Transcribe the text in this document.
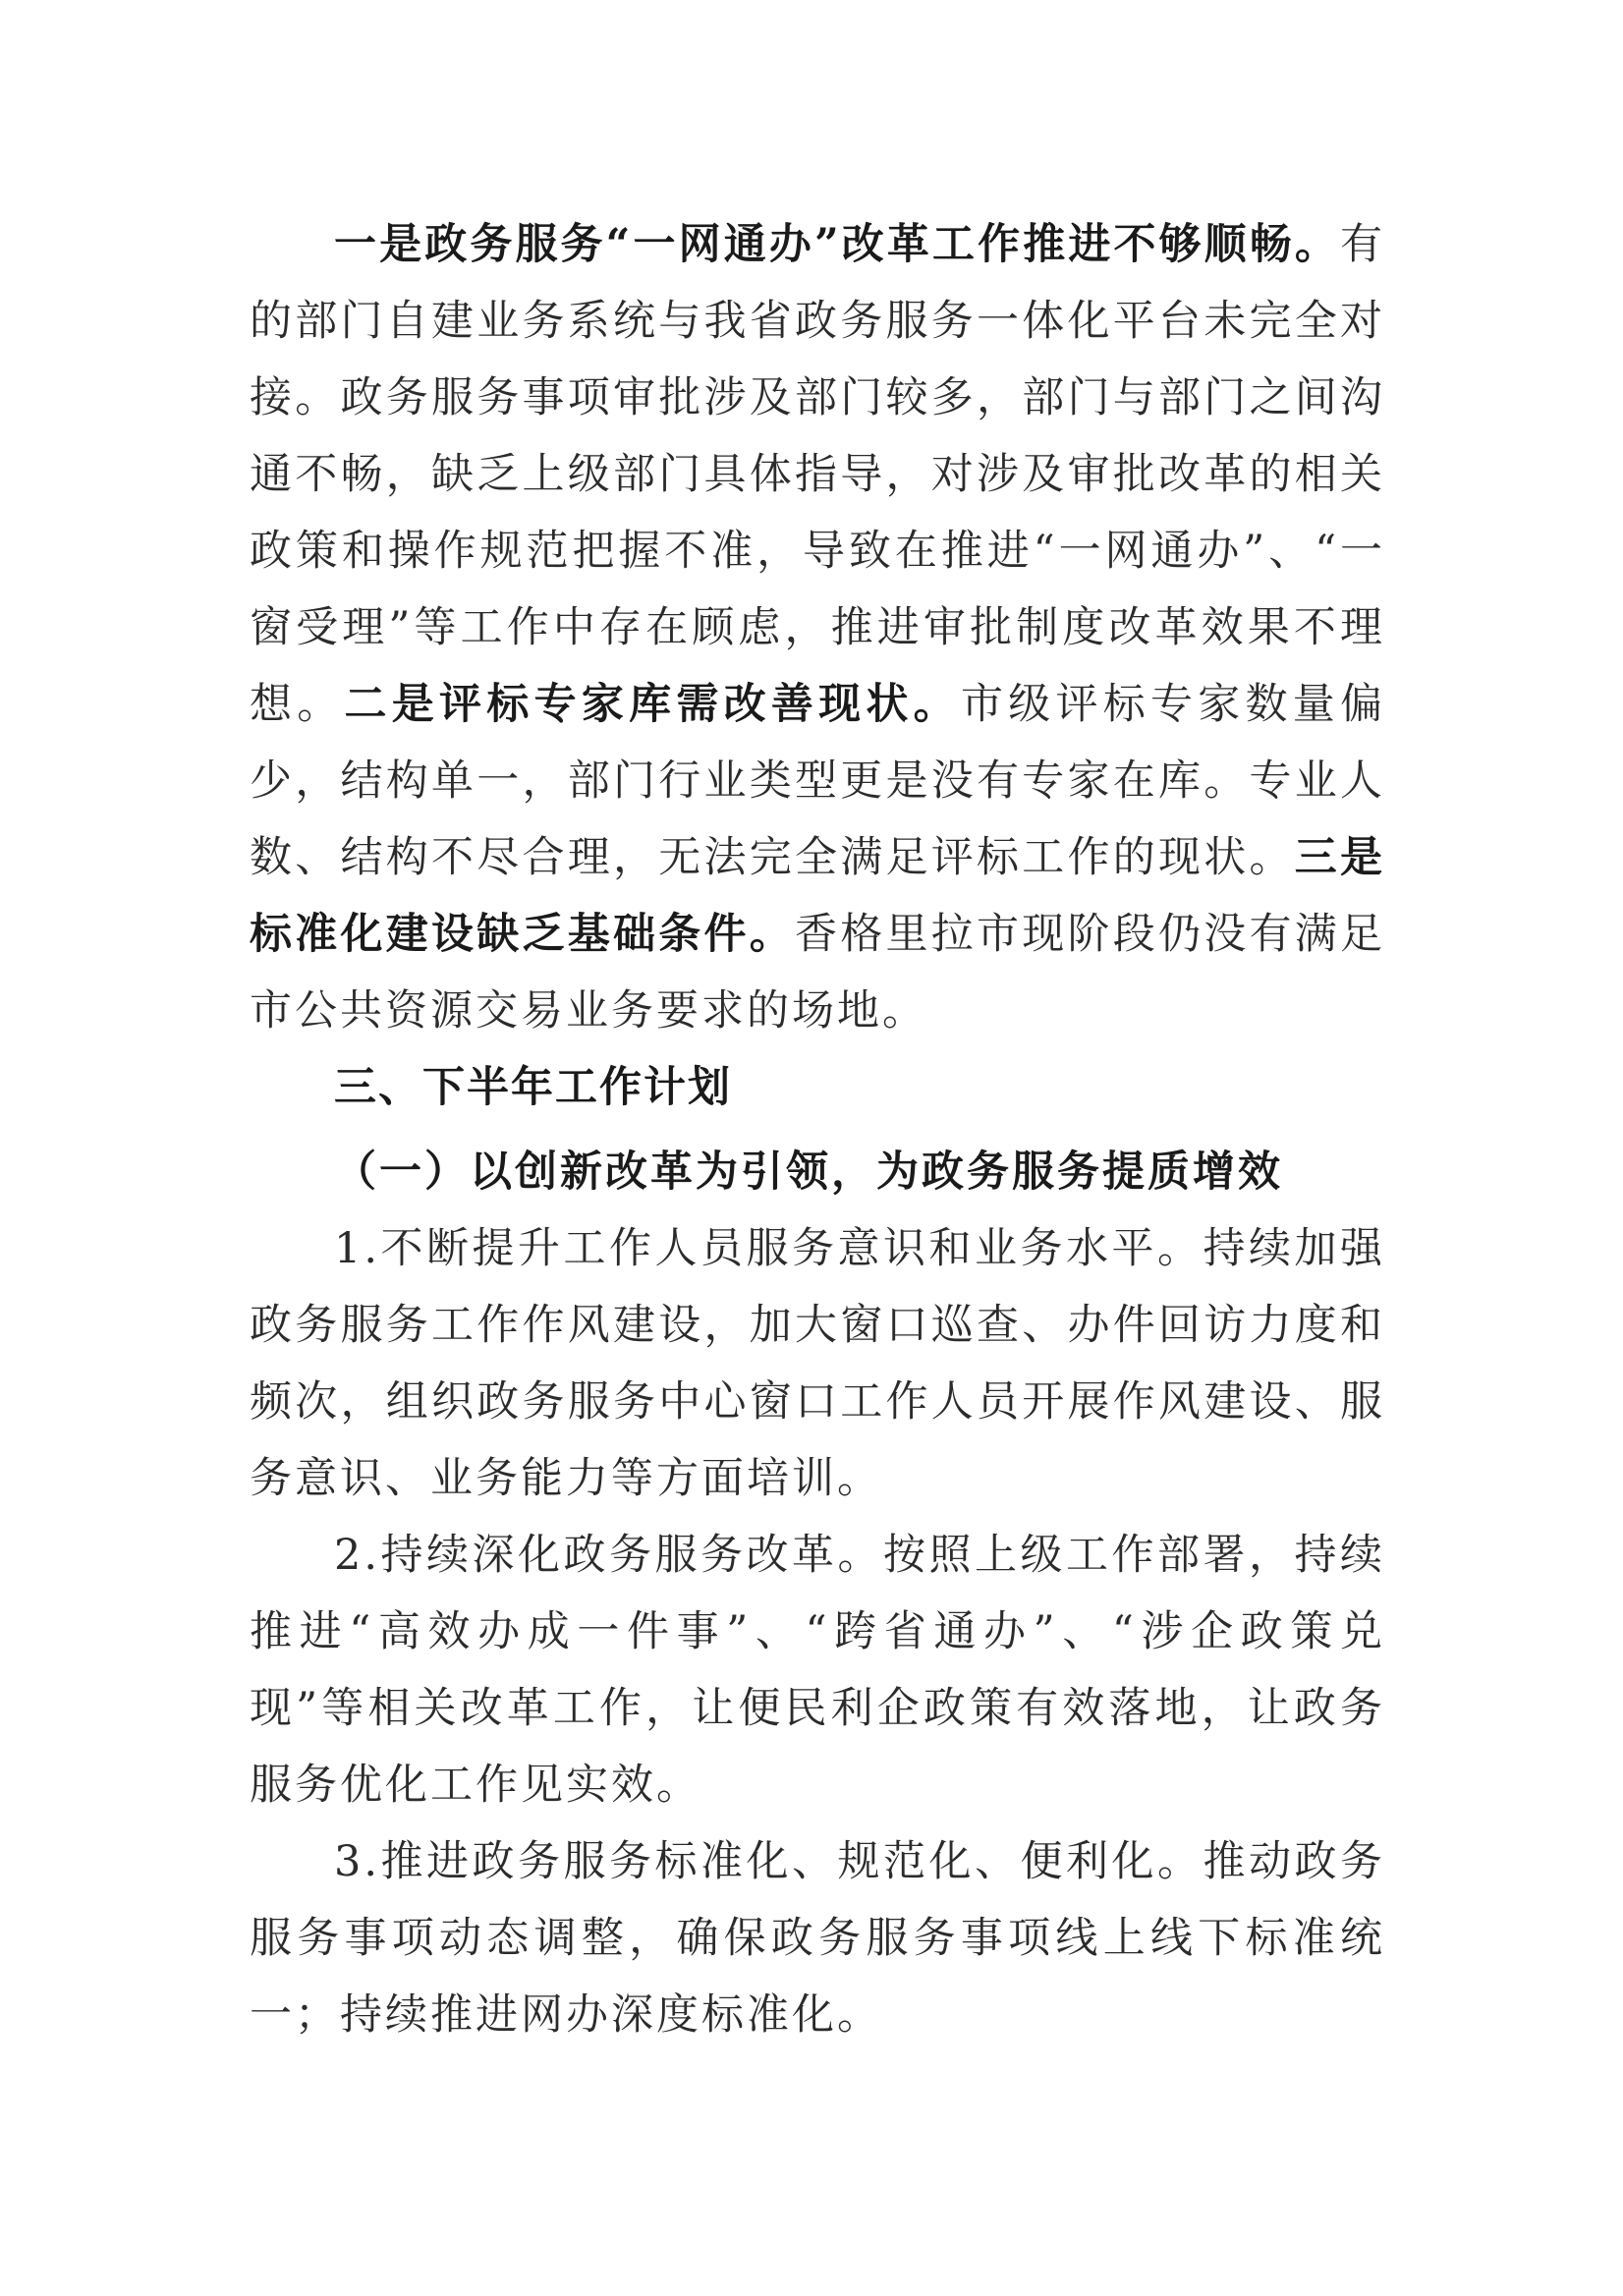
一是政务服务“一网通办”改革工作推进不够顺畅。有的部门自建业务系统与我省政务服务一体化平台未完全对接。政务服务事项审批涉及部门较多，部门与部门之间沟通不畅，缺乏上级部门具体指导，对涉及审批改革的相关政策和操作规范把握不准，导致在推进“一网通办”、“一窗受理”等工作中存在顾虑，推进审批制度改革效果不理想。二是评标专家库需改善现状。市级评标专家数量偏少，结构单一，部门行业类型更是没有专家在库。专业人数、结构不尽合理，无法完全满足评标工作的现状。三是标准化建设缺乏基础条件。香格里拉市现阶段仍没有满足市公共资源交易业务要求的场地。

三、下半年工作计划

（一）以创新改革为引领，为政务服务提质增效

1.不断提升工作人员服务意识和业务水平。持续加强政务服务工作作风建设，加大窗口巡查、办件回访力度和频次，组织政务服务中心窗口工作人员开展作风建设、服务意识、业务能力等方面培训。

2.持续深化政务服务改革。按照上级工作部署，持续推进“高效办成一件事”、“跨省通办”、“涉企政策兑现”等相关改革工作，让便民利企政策有效落地，让政务服务优化工作见实效。

3.推进政务服务标准化、规范化、便利化。推动政务服务事项动态调整，确保政务服务事项线上线下标准统一；持续推进网办深度标准化。
